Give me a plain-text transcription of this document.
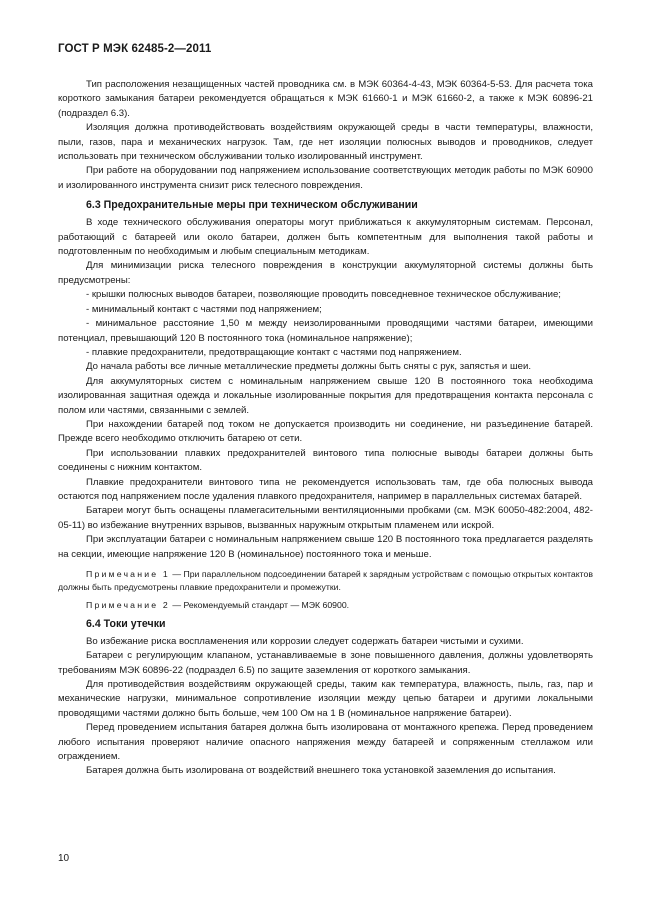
ГОСТ Р МЭК 62485-2—2011

Тип расположения незащищенных частей проводника см. в МЭК 60364-4-43, МЭК 60364-5-53. Для расчета тока короткого замыкания батареи рекомендуется обращаться к МЭК 61660-1 и МЭК 61660-2, а также к МЭК 60896-21 (подраздел 6.3).

Изоляция должна противодействовать воздействиям окружающей среды в части температуры, влажности, пыли, газов, пара и механических нагрузок. Там, где нет изоляции полюсных выводов и проводников, следует использовать при техническом обслуживании только изолированный инструмент.

При работе на оборудовании под напряжением использование соответствующих методик работы по МЭК 60900 и изолированного инструмента снизит риск телесного повреждения.

6.3 Предохранительные меры при техническом обслуживании

В ходе технического обслуживания операторы могут приближаться к аккумуляторным системам. Персонал, работающий с батареей или около батареи, должен быть компетентным для выполнения такой работы и подготовленным по необходимым и любым специальным методикам.

Для минимизации риска телесного повреждения в конструкции аккумуляторной системы должны быть предусмотрены:

- крышки полюсных выводов батареи, позволяющие проводить повседневное техническое обслуживание;

- минимальный контакт с частями под напряжением;

- минимальное расстояние 1,50 м между неизолированными проводящими частями батареи, имеющими потенциал, превышающий 120 В постоянного тока (номинальное напряжение);

- плавкие предохранители, предотвращающие контакт с частями под напряжением.

До начала работы все личные металлические предметы должны быть сняты с рук, запястья и шеи.

Для аккумуляторных систем с номинальным напряжением свыше 120 В постоянного тока необходима изолированная защитная одежда и локальные изолированные покрытия для предотвращения контакта персонала с полом или частями, связанными с землей.

При нахождении батарей под током не допускается производить ни соединение, ни разъединение батарей. Прежде всего необходимо отключить батарею от сети.

При использовании плавких предохранителей винтового типа полюсные выводы батареи должны быть соединены с нижним контактом.

Плавкие предохранители винтового типа не рекомендуется использовать там, где оба полюсных вывода остаются под напряжением после удаления плавкого предохранителя, например в параллельных системах батарей.

Батареи могут быть оснащены пламегасительными вентиляционными пробками (см. МЭК 60050-482:2004, 482-05-11) во избежание внутренних взрывов, вызванных наружным открытым пламенем или искрой.

При эксплуатации батареи с номинальным напряжением свыше 120 В постоянного тока предлагается разделять на секции, имеющие напряжение 120 В (номинальное) постоянного тока и меньше.

Примечание 1 — При параллельном подсоединении батарей к зарядным устройствам с помощью открытых контактов должны быть предусмотрены плавкие предохранители и промежутки.

Примечание 2 — Рекомендуемый стандарт — МЭК 60900.

6.4 Токи утечки

Во избежание риска воспламенения или коррозии следует содержать батареи чистыми и сухими.

Батареи с регулирующим клапаном, устанавливаемые в зоне повышенного давления, должны удовлетворять требованиям МЭК 60896-22 (подраздел 6.5) по защите заземления от короткого замыкания.

Для противодействия воздействиям окружающей среды, таким как температура, влажность, пыль, газ, пар и механические нагрузки, минимальное сопротивление изоляции между цепью батареи и другими локальными проводящими частями должно быть больше, чем 100 Ом на 1 В (номинальное напряжение батареи).

Перед проведением испытания батарея должна быть изолирована от монтажного крепежа. Перед проведением любого испытания проверяют наличие опасного напряжения между батареей и сопряженным стеллажом или ограждением.

Батарея должна быть изолирована от воздействий внешнего тока установкой заземления до испытания.

10
